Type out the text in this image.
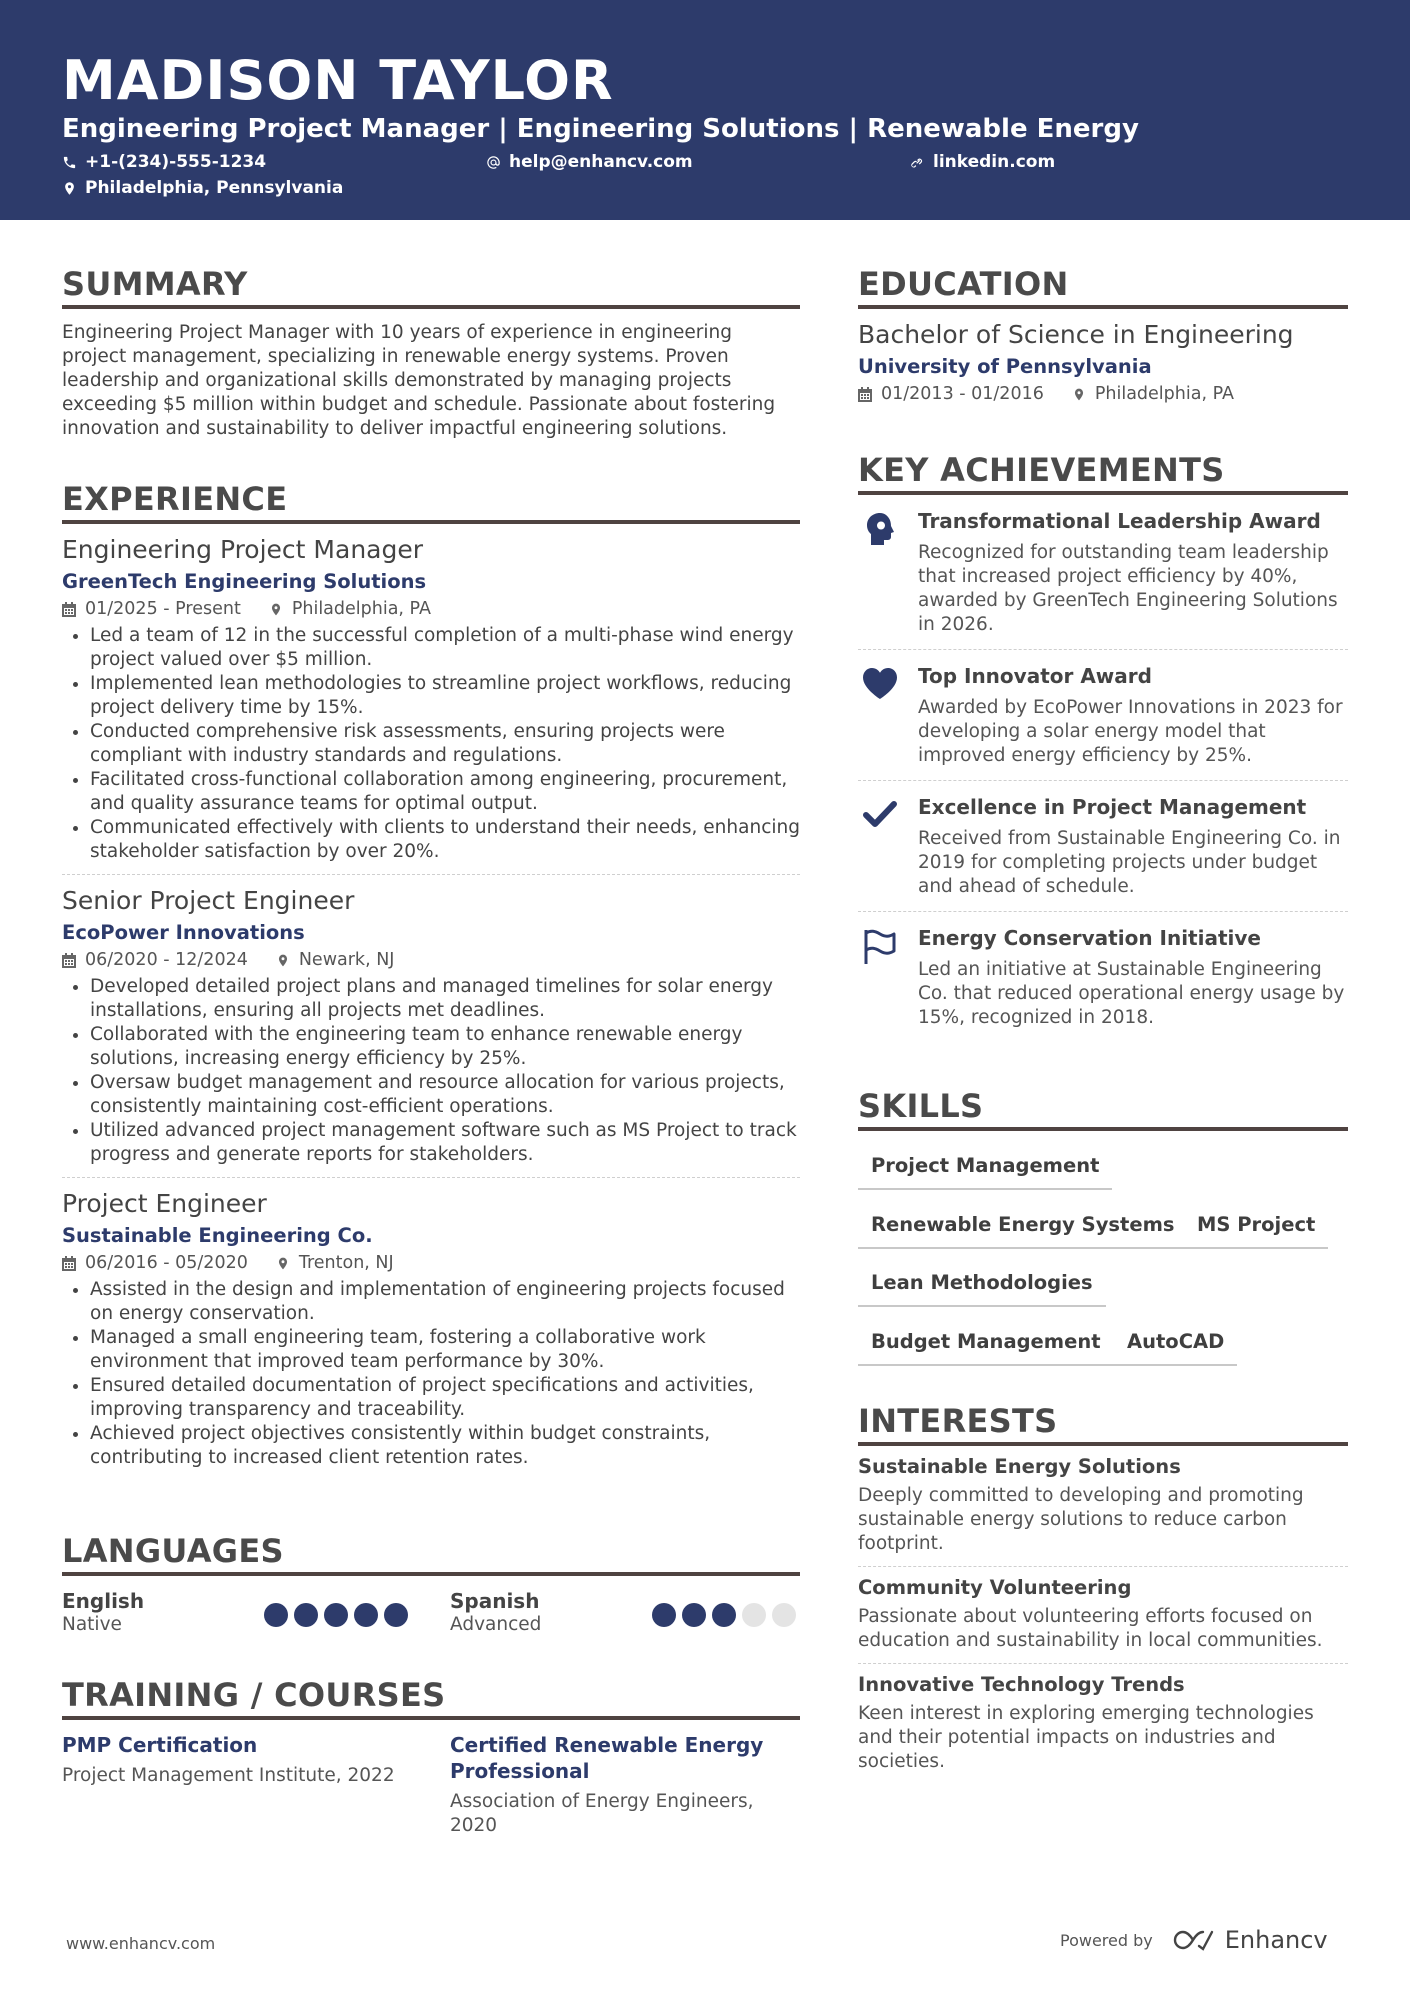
MADISON TAYLOR
Engineering Project Manager | Engineering Solutions | Renewable Energy
+1-(234)-555-1234	help@enhancv.com	linkedin.com
Philadelphia, Pennsylvania
SUMMARY
Engineering Project Manager with 10 years of experience in engineering project management, specializing in renewable energy systems. Proven leadership and organizational skills demonstrated by managing projects exceeding $5 million within budget and schedule. Passionate about fostering innovation and sustainability to deliver impactful engineering solutions.
EXPERIENCE
Engineering Project Manager
GreenTech Engineering Solutions
01/2025 - Present	Philadelphia, PA
Led a team of 12 in the successful completion of a multi-phase wind energy project valued over $5 million.
Implemented lean methodologies to streamline project workflows, reducing project delivery time by 15%.
Conducted comprehensive risk assessments, ensuring projects were compliant with industry standards and regulations.
Facilitated cross-functional collaboration among engineering, procurement, and quality assurance teams for optimal output.
Communicated effectively with clients to understand their needs, enhancing stakeholder satisfaction by over 20%.
Senior Project Engineer
EcoPower Innovations
06/2020 - 12/2024	Newark, NJ
Developed detailed project plans and managed timelines for solar energy installations, ensuring all projects met deadlines.
Collaborated with the engineering team to enhance renewable energy solutions, increasing energy efficiency by 25%.
Oversaw budget management and resource allocation for various projects, consistently maintaining cost-efficient operations.
Utilized advanced project management software such as MS Project to track progress and generate reports for stakeholders.
Project Engineer
Sustainable Engineering Co.
06/2016 - 05/2020	Trenton, NJ
Assisted in the design and implementation of engineering projects focused on energy conservation.
Managed a small engineering team, fostering a collaborative work environment that improved team performance by 30%.
Ensured detailed documentation of project specifications and activities, improving transparency and traceability.
Achieved project objectives consistently within budget constraints, contributing to increased client retention rates.
LANGUAGES
English
Native
Spanish
Advanced
TRAINING / COURSES
PMP Certification
Project Management Institute, 2022
Certified Renewable Energy Professional
Association of Energy Engineers, 2020
EDUCATION
Bachelor of Science in Engineering
University of Pennsylvania
01/2013 - 01/2016	Philadelphia, PA
KEY ACHIEVEMENTS
Transformational Leadership Award
Recognized for outstanding team leadership that increased project efficiency by 40%, awarded by GreenTech Engineering Solutions in 2026.
Top Innovator Award
Awarded by EcoPower Innovations in 2023 for developing a solar energy model that improved energy efficiency by 25%.
Excellence in Project Management
Received from Sustainable Engineering Co. in 2019 for completing projects under budget and ahead of schedule.
Energy Conservation Initiative
Led an initiative at Sustainable Engineering Co. that reduced operational energy usage by 15%, recognized in 2018.
SKILLS
Project Management
Renewable Energy Systems	MS Project
Lean Methodologies
Budget Management	AutoCAD
INTERESTS
Sustainable Energy Solutions
Deeply committed to developing and promoting sustainable energy solutions to reduce carbon footprint.
Community Volunteering
Passionate about volunteering efforts focused on education and sustainability in local communities.
Innovative Technology Trends
Keen interest in exploring emerging technologies and their potential impacts on industries and societies.
www.enhancv.com	Powered by	Enhancv
